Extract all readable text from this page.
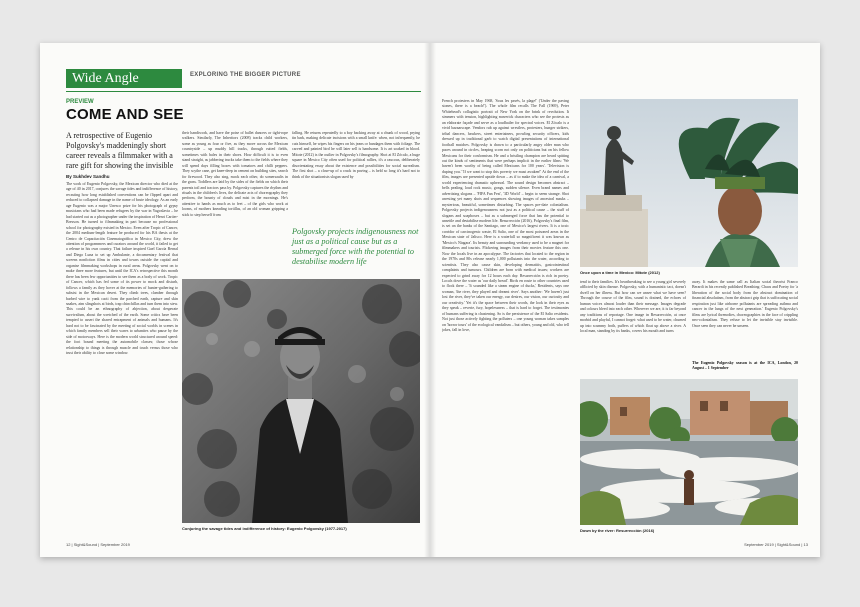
Wide Angle	EXPLORING THE BIGGER PICTURE
PREVIEW
COME AND SEE
A retrospective of Eugenio Polgovsky's maddeningly short career reveals a filmmaker with a rare gift for showing the invisible
By Sukhdev Sandhu

The work of Eugenio Polgovsky, the Mexican director who died at the age of 40 in 2017, conjures the savage tides and indifference of history, recasting how long established conventions can be flipped apart and reduced to collapsed damage in the name of brute ideology. As an early age Eugenio was a major Unesco prize for his photograph of gypsy musicians who had been made refugees by the war in Yugoslavia – he had started out as a photographer under the inspiration of Henri Cartier-Bresson. He turned to filmmaking in part because no professional school for photography existed in Mexico. Even after Tropic of Cancer, the 2004 medium-length feature he produced for his BA thesis at the Centro de Capacitación Cinematográfica in Mexico City, drew the attention of programmers and curators around the world, it failed to get a release in his own country. That failure inspired Gael García Bernal and Diego Luna to set up Ambulante, a documentary festival that screens nonfiction films in cities and towns outside the capital and organise filmmaking workshops in rural areas. Polgovsky went on to make three more features, but until the ICA's retrospective this month there has been few opportunities to see them as a body of work. Tropic of Cancer, which has fed some of its power to mock and disturb, follows a family as they hover at the memories of hunter-gathering to subsist in the Mexican desert. They climb trees, clamber through barbed wire to yank cacti from the parched earth, capture and skin snakes, aim slingshots at birds, trap chinchillas and turn them into stew. This could be an ethnography of abjection, about desperate survivalism, about the wretched of the earth. Some critics have been tempted to assert the shared entrapment of animals and humans. It's hard not to be fascinated by the meeting of social worlds in scenes in which family members sell their wares to urbanites who pause by the side of motorways. Here is the modern world structured around speed: the foot bound meeting the automobile classes; those whose relationship to things is through muscle and touch versus those who trust their ability to close some window.

their handiwork, and have the poise of ballet dancers or tight-rope walkers. Similarly, The Inheritors (2008) tracks child workers, some as young as four or five, as they move across the Mexican countryside – up muddy hill tracks, through rutted fields, sometimes with bales in their shoes. How difficult it is to even stand straight, as jabbering trucks take them to the fields where they will spend days filling boxes with tomatoes and chilli peppers. They scythe cane, get knee-deep in cement on building sites, search for firewood. They also sing, mock each other, do somersaults in the grass. Toddlers are laid by the sides of the fields on which their parents toil and tractors pass by. Polgovsky captures the rhythm and rituals in the children's lives, the delicate acts of choreography they perform, the bounty of clouds and mist in the mornings. He's attentive to hands as much as to feet – of the girls who work at looms, of mothers kneading tortillas, of an old woman gripping a stick to step herself from

falling. He returns repeatedly to a boy backing away at a chunk of wood, prying tin bark, making delicate incisions with a small knife: when, not infrequently, he cuts himself, he wipes his fingers on his jeans or bandages them with foliage. The carved and painted bird he will later sell is handsome. It is art soaked in blood. Mitote (2012) is the outlier in Polgovsky's filmography. Shot at El Zócalo, a huge square in Mexico City often used for political rallies, it's a raucous, deliberately disorientating essay about the existence and possibilities for social surrealism. The first shot – a close-up of a crack in paving – is held so long it's hard not to think of the situationists slogan used by

Polgovsky projects indigenousness not just as a political cause but as a submerged force with the potential to destabilise modern life
Conjuring the savage tides and indifference of history: Eugenio Polgovsky (1977-2017)
12 | Sight&Sound | September 2019

French protesters in May 1968, 'Sous les pavés, la plage!' ('Under the paving stones, there is a beach!'). The whole film recalls The Fall (1969), Peter Whitehead's collagistic portrait of New York on the brink of revolution. It simmers with tension, highlighting maverick characters who see the protests as an elaborate façade and serve as a loudhailer for spectral voices. El Zócalo is a vivid bazaarscape. Vendors rub up against wrestlers, protesters, hunger strikers, tribal dancers, hawkers, street entertainers, prowling security officers, kids dressed up in traditional garb to watch digital presentations of international football matches. Polgovsky is drawn to a particularly angry older man who paces around in circles, heaping scorn not only on politicians but on his fellow Mexicans for their conformism. He and a bristling champion are heard spitting out the kinds of sentiments that were perhaps implicit in the earlier films: 'We haven't been worthy of being called Mexicans for 100 years'. 'Television is duping you.' 'If we want to stop this poverty we must awaken!' At the end of the film, images are presented upside down – as if to make the idea of a carnival, a world experiencing dramatic upheaval. The sound design becomes abstract – bells pealing, loud rock music, gongs, sudden silence. Even brand names and advertising slogans – 'FIFA Fan Fest', '3D World' – begin to seem strange. Shot arresting yet many shots and sequences showing images of ancestral masks – mysterious, beautiful, sometimes disturbing. The spaces pre-date colonialism. Polgovsky projects indigenousness not just as a political cause – the stuff of slogans and soapboxes – but as a submerged force that has the potential to unsettle and destabilise modern life. Resurrección (2016), Polgovsky's final film, is set on the banks of the Santiago, one of Mexico's largest rivers. It is a toxic corridor of carcinogenic waste, El Salto, one of the most poisoned areas in the Mexican state of Jalisco. Here is a waterfall so magnificent it was known as 'Mexico's Niagara'. Its beauty and surrounding verdancy used to be a magnet for filmmakers and tourists. Flickering images from their movies feature this one. Now the locals live in an apocalypse. The factories that located to the region in the 1970s and 80s release nearly 1,000 pollutants into the water, according to scientists. They also cause skin, developing dermatitis, gastrointestinal complaints and tumours. Children are born with medical issues; workers are expected to grind away for 12 hours each day. Resurrección is rich in poetry. Locals dove the water as 'our daily bread'. Birds en route to other countries used to flock there – 'It sounded like a steam engine of ducks,' Residents, says one woman, 'the river, they played and dreamt river'. Says another: 'We haven't just lost the river, they've taken our energy, our desires, our vision, our curiosity and our creativity.' Yet it's the space between their words, the look in their eyes as they speak – reverie, fury, hopelessness – that is hard to forget. The testimonies of humans suffering is chastening. So is the persistence of the El Salto residents. Not just those actively fighting the polluters – one young woman takes samples on 'horror tours' of the ecological vandalism – but others, young and old, who tell jokes, fall in love,

Once upon a time in Mexico: Mitote (2012)

tend to their families. It's heartbreaking to see a young girl severely afflicted by skin disease. Polgovsky, with a humanistic tact, doesn't dwell on her illness. But how can we unsee what we have seen? Through the course of the film, sound is drained, the echoes of human voices almost louder than their message. Images degrade and colours bleed into each other. Wherever we are, it is far beyond any traditions of reportage. One image in Resurrección, at once morbid and playful, I cannot forget: what used to be water, churned up into scummy froth, puffers of which float up above a river. A local man, standing by its banks, covers his mouth and turns

away. It makes the same call as Italian social theorist Franco Berardi in his recently published Breathing: Chaos and Poetry for 'a liberation of the social body from the abstract domination of financial absolutism, from the abstract grip that is suffocating social respiration just like airborne pollutants are spreading asthma and cancer in the lungs of the next generation.' Eugenio Polgovsky's films are lyrical threnodies, choreographies in the face of crippling neo-colonialism. They refuse to let the invisible stay invisible. Once seen they can never be unseen.

The Eugenio Polgovsky season is at the ICA, London, 20 August – 1 September

Down by the river: Resurrección (2016)
September 2019 | Sight&Sound | 13
